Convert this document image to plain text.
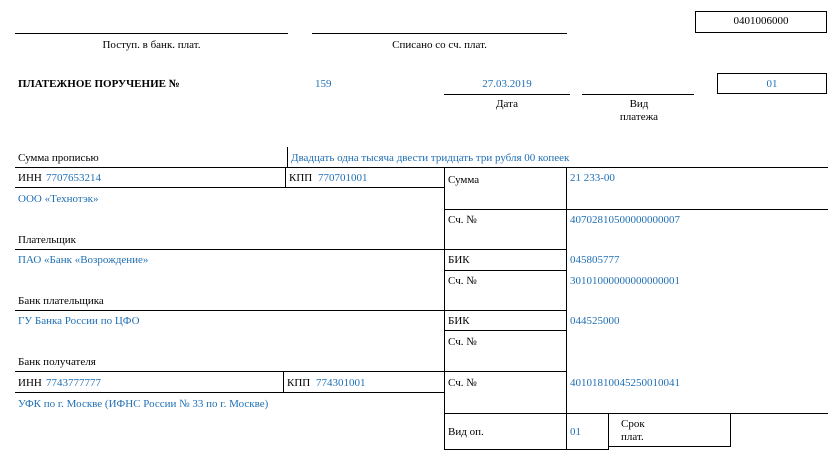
0401006000
Поступ. в банк. плат.	Списано со сч. плат.
ПЛАТЕЖНОЕ ПОРУЧЕНИЕ №	159	27.03.2019
Дата	Вид платежа
01
Сумма прописью	Двадцать одна тысяча двести тридцать три рубля 00 копеек
ИНН 7707653214	КПП 770701001	Сумма	21 233-00
ООО «Технотэк»
Сч. №	40702810500000000007
Плательщик
ПАО «Банк «Возрождение»	БИК	045805777
Сч. №	30101000000000000001
Банк плательщика
ГУ Банка России по ЦФО	БИК	044525000
Сч. №
Банк получателя
ИНН 7743777777	КПП 774301001	Сч. №	40101810045250010041
УФК по г. Москве (ИФНС России № 33 по г. Москве)
Вид оп.	01
Срок плат.
